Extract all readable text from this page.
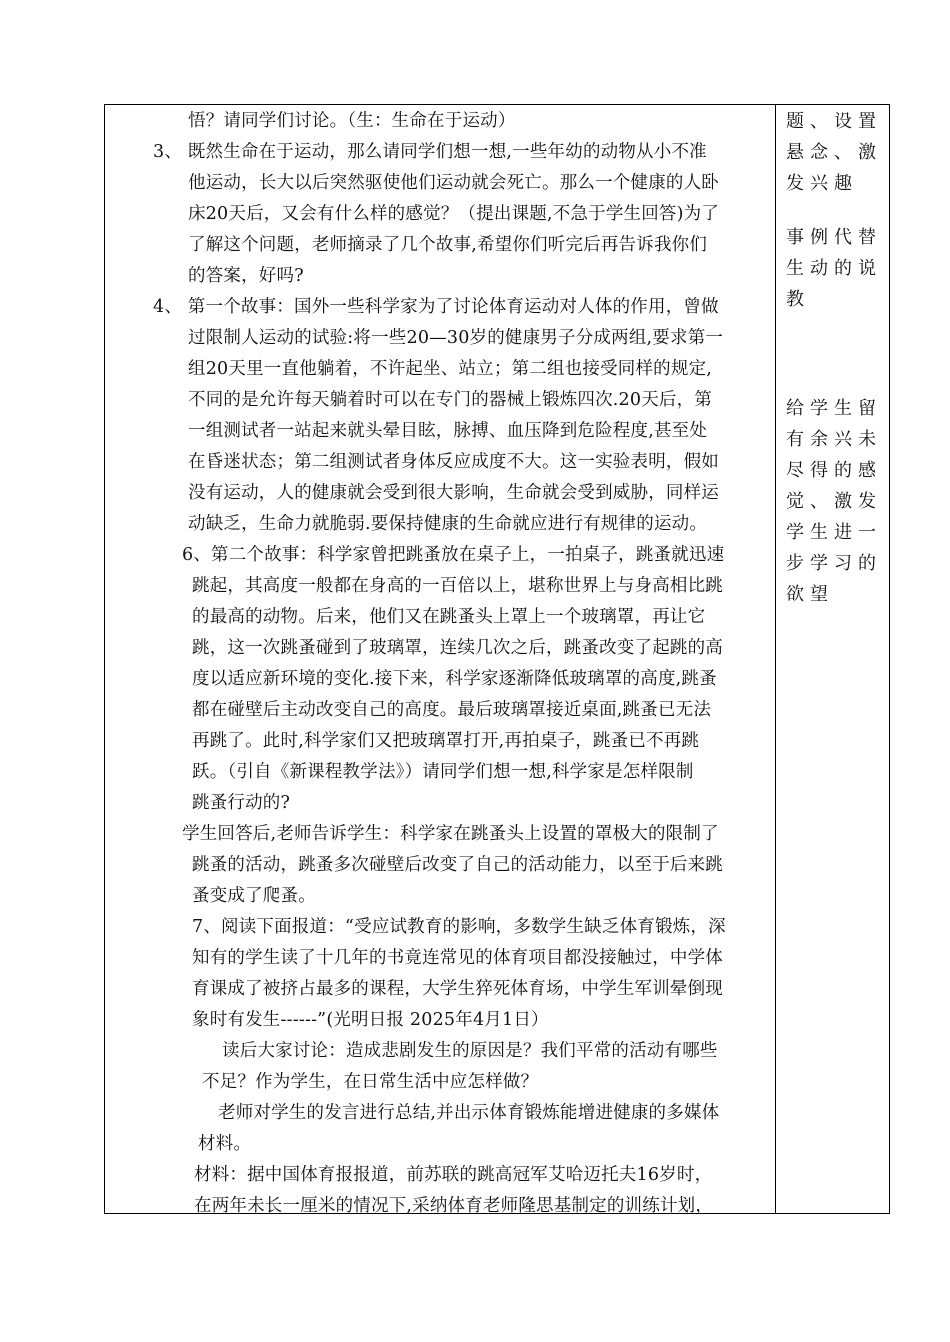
悟？请同学们讨论。（生：生命在于运动）
3、 既然生命在于运动，那么请同学们想一想,一些年幼的动物从小不准
他运动，长大以后突然驱使他们运动就会死亡。那么一个健康的人卧
床20天后，又会有什么样的感觉？（提出课题,不急于学生回答)为了
了解这个问题，老师摘录了几个故事,希望你们听完后再告诉我你们
的答案，好吗?
4、 第一个故事：国外一些科学家为了讨论体育运动对人体的作用，曾做
过限制人运动的试验:将一些20—30岁的健康男子分成两组,要求第一
组20天里一直他躺着，不许起坐、站立；第二组也接受同样的规定,
不同的是允许每天躺着时可以在专门的器械上锻炼四次.20天后，第
一组测试者一站起来就头晕目眩，脉搏、血压降到危险程度,甚至处
在昏迷状态；第二组测试者身体反应成度不大。这一实验表明，假如
没有运动，人的健康就会受到很大影响，生命就会受到威胁，同样运
动缺乏，生命力就脆弱.要保持健康的生命就应进行有规律的运动。
6、第二个故事：科学家曾把跳蚤放在桌子上，一拍桌子，跳蚤就迅速
跳起，其高度一般都在身高的一百倍以上，堪称世界上与身高相比跳
的最高的动物。后来，他们又在跳蚤头上罩上一个玻璃罩，再让它
跳，这一次跳蚤碰到了玻璃罩，连续几次之后，跳蚤改变了起跳的高
度以适应新环境的变化.接下来，科学家逐渐降低玻璃罩的高度,跳蚤
都在碰壁后主动改变自己的高度。最后玻璃罩接近桌面,跳蚤已无法
再跳了。此时,科学家们又把玻璃罩打开,再拍桌子，跳蚤已不再跳
跃。（引自《新课程教学法》）请同学们想一想,科学家是怎样限制
跳蚤行动的?
学生回答后,老师告诉学生：科学家在跳蚤头上设置的罩极大的限制了
跳蚤的活动，跳蚤多次碰壁后改变了自己的活动能力，以至于后来跳
蚤变成了爬蚤。
7、阅读下面报道：“受应试教育的影响，多数学生缺乏体育锻炼，深
知有的学生读了十几年的书竟连常见的体育项目都没接触过，中学体
育课成了被挤占最多的课程，大学生猝死体育场，中学生军训晕倒现
象时有发生------”(光明日报 2025年4月1日）
读后大家讨论：造成悲剧发生的原因是？我们平常的活动有哪些
不足？作为学生，在日常生活中应怎样做？
老师对学生的发言进行总结,并出示体育锻炼能增进健康的多媒体
材料。
材料：据中国体育报报道，前苏联的跳高冠军艾哈迈托夫16岁时，
在两年未长一厘米的情况下,采纳体育老师隆思基制定的训练计划，
题、设置
悬念、激
发兴趣
事例代替
生动的说
教
给学生留
有余兴未
尽得的感
觉、激发
学生进一
步学习的
欲望
